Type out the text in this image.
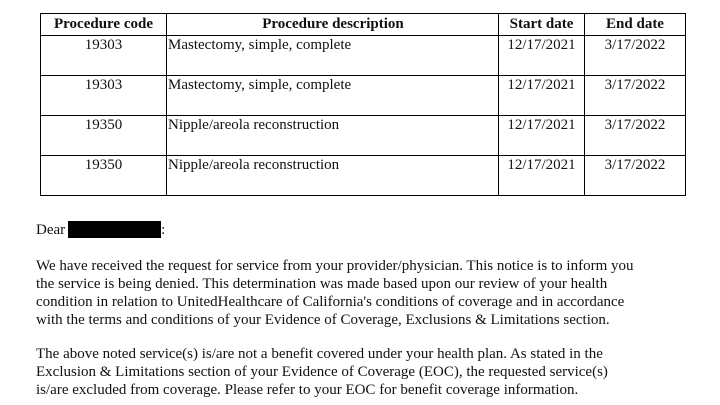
Procedure code	Procedure description	Start date	End date
19303	Mastectomy, simple, complete	12/17/2021	3/17/2022
19303	Mastectomy, simple, complete	12/17/2021	3/17/2022
19350	Nipple/areola reconstruction	12/17/2021	3/17/2022
19350	Nipple/areola reconstruction	12/17/2021	3/17/2022
Dear	:

We have received the request for service from your provider/physician. This notice is to inform you
the service is being denied. This determination was made based upon our review of your health
condition in relation to UnitedHealthcare of California's conditions of coverage and in accordance
with the terms and conditions of your Evidence of Coverage, Exclusions & Limitations section.

The above noted service(s) is/are not a benefit covered under your health plan. As stated in the
Exclusion & Limitations section of your Evidence of Coverage (EOC), the requested service(s)
is/are excluded from coverage. Please refer to your EOC for benefit coverage information.
